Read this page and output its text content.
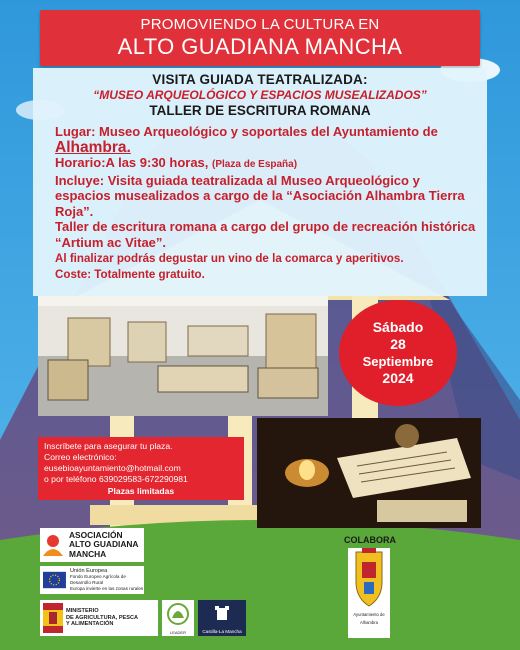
PROMOVIENDO LA CULTURA EN
ALTO GUADIANA MANCHA
VISITA GUIADA TEATRALIZADA:
“MUSEO ARQUEOLÓGICO Y ESPACIOS MUSEALIZADOS”
TALLER DE ESCRITURA ROMANA

Lugar: Museo Arqueológico y soportales del Ayuntamiento de Alhambra.

Horario:A las 9:30 horas, (Plaza de España)

Incluye: Visita guiada teatralizada al Museo Arqueológico y espacios musealizados a cargo de la “Asociación Alhambra Tierra Roja”.

Taller de escritura romana a cargo del grupo de recreación histórica “Artium ac Vitae”.

Al finalizar podrás degustar un vino de la comarca y aperitivos.

Coste: Totalmente gratuito.

Sábado
28
Septiembre
2024
Inscríbete para asegurar tu plaza.
Correo electrónico:
eusebioayuntamiento@hotmail.com
o por teléfono 639029583-672290981
Plazas limitadas
ASOCIACIÓN
ALTO GUADIANA
MANCHA
Unión Europea
Fondo Europeo Agrícola de Desarrollo Rural
Europa invierte en las zonas rurales
MINISTERIO
DE AGRICULTURA, PESCA
Y ALIMENTACIÓN
LEADER	Castilla-La Mancha
COLABORA
Ayuntamiento de
Alhambra
